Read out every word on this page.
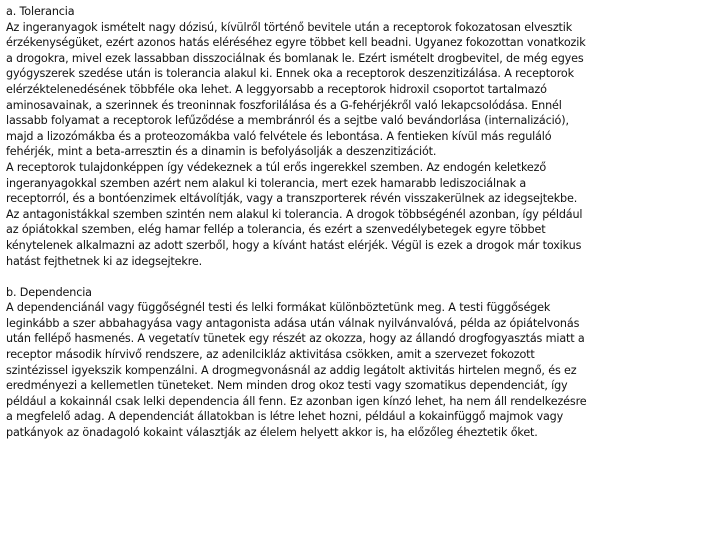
a. Tolerancia
Az ingeranyagok ismételt nagy dózisú, kívülről történő bevitele után a receptorok fokozatosan elvesztik
érzékenységüket, ezért azonos hatás eléréséhez egyre többet kell beadni. Ugyanez fokozottan vonatkozik
a drogokra, mivel ezek lassabban disszociálnak és bomlanak le. Ezért ismételt drogbevitel, de még egyes
gyógyszerek szedése után is tolerancia alakul ki. Ennek oka a receptorok deszenzitizálása. A receptorok
elérzéktelenedésének többféle oka lehet. A leggyorsabb a receptorok hidroxil csoportot tartalmazó
aminosavainak, a szerinnek és treoninnak foszforilálása és a G-fehérjékről való lekapcsolódása. Ennél
lassabb folyamat a receptorok lefűződése a membránról és a sejtbe való bevándorlása (internalizáció),
majd a lizozómákba és a proteozomákba való felvétele és lebontása. A fentieken kívül más reguláló
fehérjék, mint a beta-arresztin és a dinamin is befolyásolják a deszenzitizációt.
A receptorok tulajdonképpen így védekeznek a túl erős ingerekkel szemben. Az endogén keletkező
ingeranyagokkal szemben azért nem alakul ki tolerancia, mert ezek hamarabb lediszociálnak a
receptorról, és a bontóenzimek eltávolítják, vagy a transzporterek révén visszakerülnek az idegsejtekbe.
Az antagonistákkal szemben szintén nem alakul ki tolerancia. A drogok többségénél azonban, így például
az ópiátokkal szemben, elég hamar fellép a tolerancia, és ezért a szenvedélybetegek egyre többet
kénytelenek alkalmazni az adott szerből, hogy a kívánt hatást elérjék. Végül is ezek a drogok már toxikus
hatást fejthetnek ki az idegsejtekre.
b. Dependencia
A dependenciánál vagy függőségnél testi és lelki formákat különböztetünk meg. A testi függőségek
leginkább a szer abbahagyása vagy antagonista adása után válnak nyilvánvalóvá, példa az ópiátelvonás
után fellépő hasmenés. A vegetatív tünetek egy részét az okozza, hogy az állandó drogfogyasztás miatt a
receptor második hírvivő rendszere, az adenilcikláz aktivitása csökken, amit a szervezet fokozott
szintézissel igyekszik kompenzálni. A drogmegvonásnál az addig legátolt aktivitás hirtelen megnő, és ez
eredményezi a kellemetlen tüneteket. Nem minden drog okoz testi vagy szomatikus dependenciát, így
például a kokainnál csak lelki dependencia áll fenn. Ez azonban igen kínzó lehet, ha nem áll rendelkezésre
a megfelelő adag. A dependenciát állatokban is létre lehet hozni, például a kokainfüggő majmok vagy
patkányok az önadagoló kokaint választják az élelem helyett akkor is, ha előzőleg éheztetik őket.
